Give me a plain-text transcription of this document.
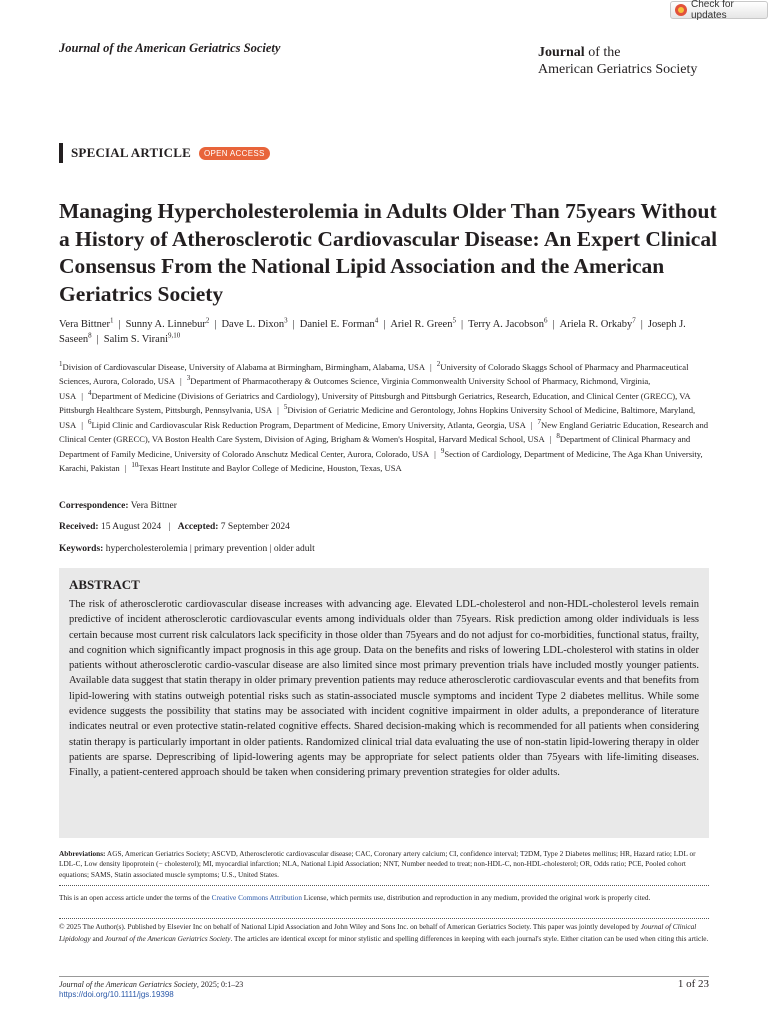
Check for updates
Journal of the American Geriatrics Society	Journal of the
American Geriatrics Society
SPECIAL ARTICLE	OPEN ACCESS
Managing Hypercholesterolemia in Adults Older Than 75years Without a History of Atherosclerotic Cardiovascular Disease: An Expert Clinical Consensus From the National Lipid Association and the American Geriatrics Society
Vera Bittner$^1$ | Sunny A. Linnebur$^2$ | Dave L. Dixon$^3$ | Daniel E. Forman$^4$ | Ariel R. Green$^5$ | Terry A. Jacobson$^6$ | Ariela R. Orkaby$^7$ | Joseph J. Saseen$^8$ | Salim S. Virani$^{9,10}$
$^1$Division of Cardiovascular Disease, University of Alabama at Birmingham, Birmingham, Alabama, USA | $^2$University of Colorado Skaggs School of Pharmacy and Pharmaceutical Sciences, Aurora, Colorado, USA | $^3$Department of Pharmacotherapy & Outcomes Science, Virginia Commonwealth University School of Pharmacy, Richmond, Virginia, USA | $^4$Department of Medicine (Divisions of Geriatrics and Cardiology), University of Pittsburgh and Pittsburgh Geriatrics, Research, Education, and Clinical Center (GRECC), VA Pittsburgh Healthcare System, Pittsburgh, Pennsylvania, USA | $^5$Division of Geriatric Medicine and Gerontology, Johns Hopkins University School of Medicine, Baltimore, Maryland, USA | $^6$Lipid Clinic and Cardiovascular Risk Reduction Program, Department of Medicine, Emory University, Atlanta, Georgia, USA | $^7$New England Geriatric Education, Research and Clinical Center (GRECC), VA Boston Health Care System, Division of Aging, Brigham & Women's Hospital, Harvard Medical School, USA | $^8$Department of Clinical Pharmacy and Department of Family Medicine, University of Colorado Anschutz Medical Center, Aurora, Colorado, USA | $^9$Section of Cardiology, Department of Medicine, The Aga Khan University, Karachi, Pakistan | $^{10}$Texas Heart Institute and Baylor College of Medicine, Houston, Texas, USA
Correspondence: Vera Bittner
Received: 15 August 2024 | Accepted: 7 September 2024
Keywords: hypercholesterolemia | primary prevention | older adult
ABSTRACT
The risk of atherosclerotic cardiovascular disease increases with advancing age. Elevated LDL-cholesterol and non-HDL-cholesterol levels remain predictive of incident atherosclerotic cardiovascular events among individuals older than 75years. Risk prediction among older individuals is less certain because most current risk calculators lack specificity in those older than 75years and do not adjust for co-morbidities, functional status, frailty, and cognition which significantly impact prognosis in this age group. Data on the benefits and risks of lowering LDL-cholesterol with statins in older patients without atherosclerotic cardio-vascular disease are also limited since most primary prevention trials have included mostly younger patients. Available data suggest that statin therapy in older primary prevention patients may reduce atherosclerotic cardiovascular events and that benefits from lipid-lowering with statins outweigh potential risks such as statin-associated muscle symptoms and incident Type 2 diabetes mellitus. While some evidence suggests the possibility that statins may be associated with incident cognitive impairment in older adults, a preponderance of literature indicates neutral or even protective statin-related cognitive effects. Shared decision-making which is recommended for all patients when considering statin therapy is particularly important in older patients. Randomized clinical trial data evaluating the use of non-statin lipid-lowering therapy in older patients are sparse. Deprescribing of lipid-lowering agents may be appropriate for select patients older than 75years with life-limiting diseases. Finally, a patient-centered approach should be taken when considering primary prevention strategies for older adults.
Abbreviations: AGS, American Geriatrics Society; ASCVD, Atherosclerotic cardiovascular disease; CAC, Coronary artery calcium; CI, confidence interval; T2DM, Type 2 Diabetes mellitus; HR, Hazard ratio; LDL or LDL-C, Low density lipoprotein (− cholesterol); MI, myocardial infarction; NLA, National Lipid Association; NNT, Number needed to treat; non-HDL-C, non-HDL-cholesterol; OR, Odds ratio; PCE, Pooled cohort equations; SAMS, Statin associated muscle symptoms; U.S., United States.
This is an open access article under the terms of the Creative Commons Attribution License, which permits use, distribution and reproduction in any medium, provided the original work is properly cited.
© 2025 The Author(s). Published by Elsevier Inc on behalf of National Lipid Association and John Wiley and Sons Inc. on behalf of American Geriatrics Society. This paper was jointly developed by Journal of Clinical Lipidology and Journal of the American Geriatrics Society. The articles are identical except for minor stylistic and spelling differences in keeping with each journal's style. Either citation can be used when citing this article.
Journal of the American Geriatrics Society, 2025; 0:1–23
https://doi.org/10.1111/jgs.19398
1 of 23
